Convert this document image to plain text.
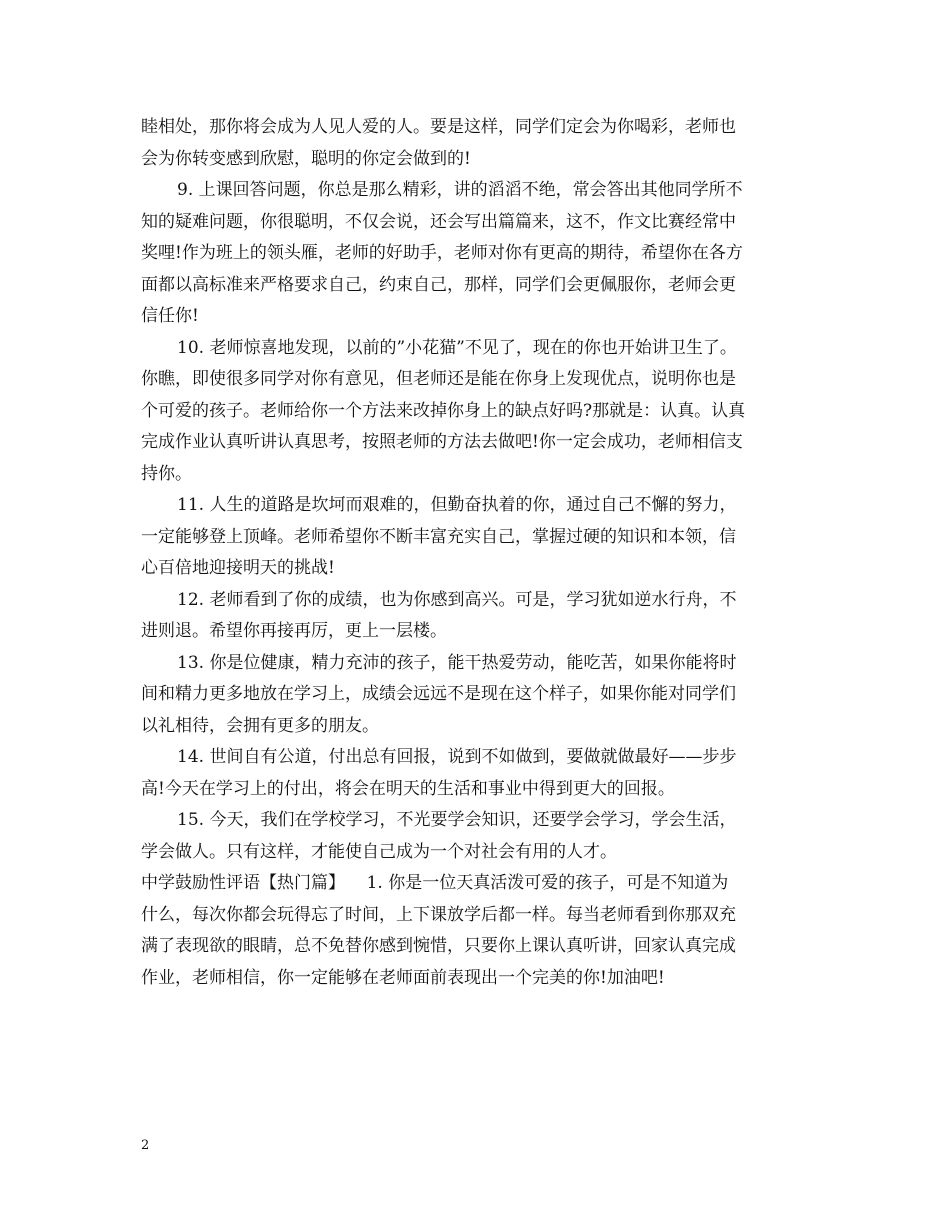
睦相处，那你将会成为人见人爱的人。要是这样，同学们定会为你喝彩，老师也
会为你转变感到欣慰，聪明的你定会做到的!
9. 上课回答问题，你总是那么精彩，讲的滔滔不绝，常会答出其他同学所不
知的疑难问题，你很聪明，不仅会说，还会写出篇篇来，这不，作文比赛经常中
奖哩!作为班上的领头雁，老师的好助手，老师对你有更高的期待，希望你在各方
面都以高标准来严格要求自己，约束自己，那样，同学们会更佩服你，老师会更
信任你!
10. 老师惊喜地发现，以前的”小花猫”不见了，现在的你也开始讲卫生了。
你瞧，即使很多同学对你有意见，但老师还是能在你身上发现优点，说明你也是
个可爱的孩子。老师给你一个方法来改掉你身上的缺点好吗?那就是：认真。认真
完成作业认真听讲认真思考，按照老师的方法去做吧!你一定会成功，老师相信支
持你。
11. 人生的道路是坎坷而艰难的，但勤奋执着的你，通过自己不懈的努力，
一定能够登上顶峰。老师希望你不断丰富充实自己，掌握过硬的知识和本领，信
心百倍地迎接明天的挑战!
12. 老师看到了你的成绩，也为你感到高兴。可是，学习犹如逆水行舟，不
进则退。希望你再接再厉，更上一层楼。
13. 你是位健康，精力充沛的孩子，能干热爱劳动，能吃苦，如果你能将时
间和精力更多地放在学习上，成绩会远远不是现在这个样子，如果你能对同学们
以礼相待，会拥有更多的朋友。
14. 世间自有公道，付出总有回报，说到不如做到，要做就做最好——步步
高!今天在学习上的付出，将会在明天的生活和事业中得到更大的回报。
15. 今天，我们在学校学习，不光要学会知识，还要学会学习，学会生活，
学会做人。只有这样，才能使自己成为一个对社会有用的人才。
中学鼓励性评语【热门篇】    1. 你是一位天真活泼可爱的孩子，可是不知道为
什么，每次你都会玩得忘了时间，上下课放学后都一样。每当老师看到你那双充
满了表现欲的眼睛，总不免替你感到惋惜，只要你上课认真听讲，回家认真完成
作业，老师相信，你一定能够在老师面前表现出一个完美的你!加油吧!
2
